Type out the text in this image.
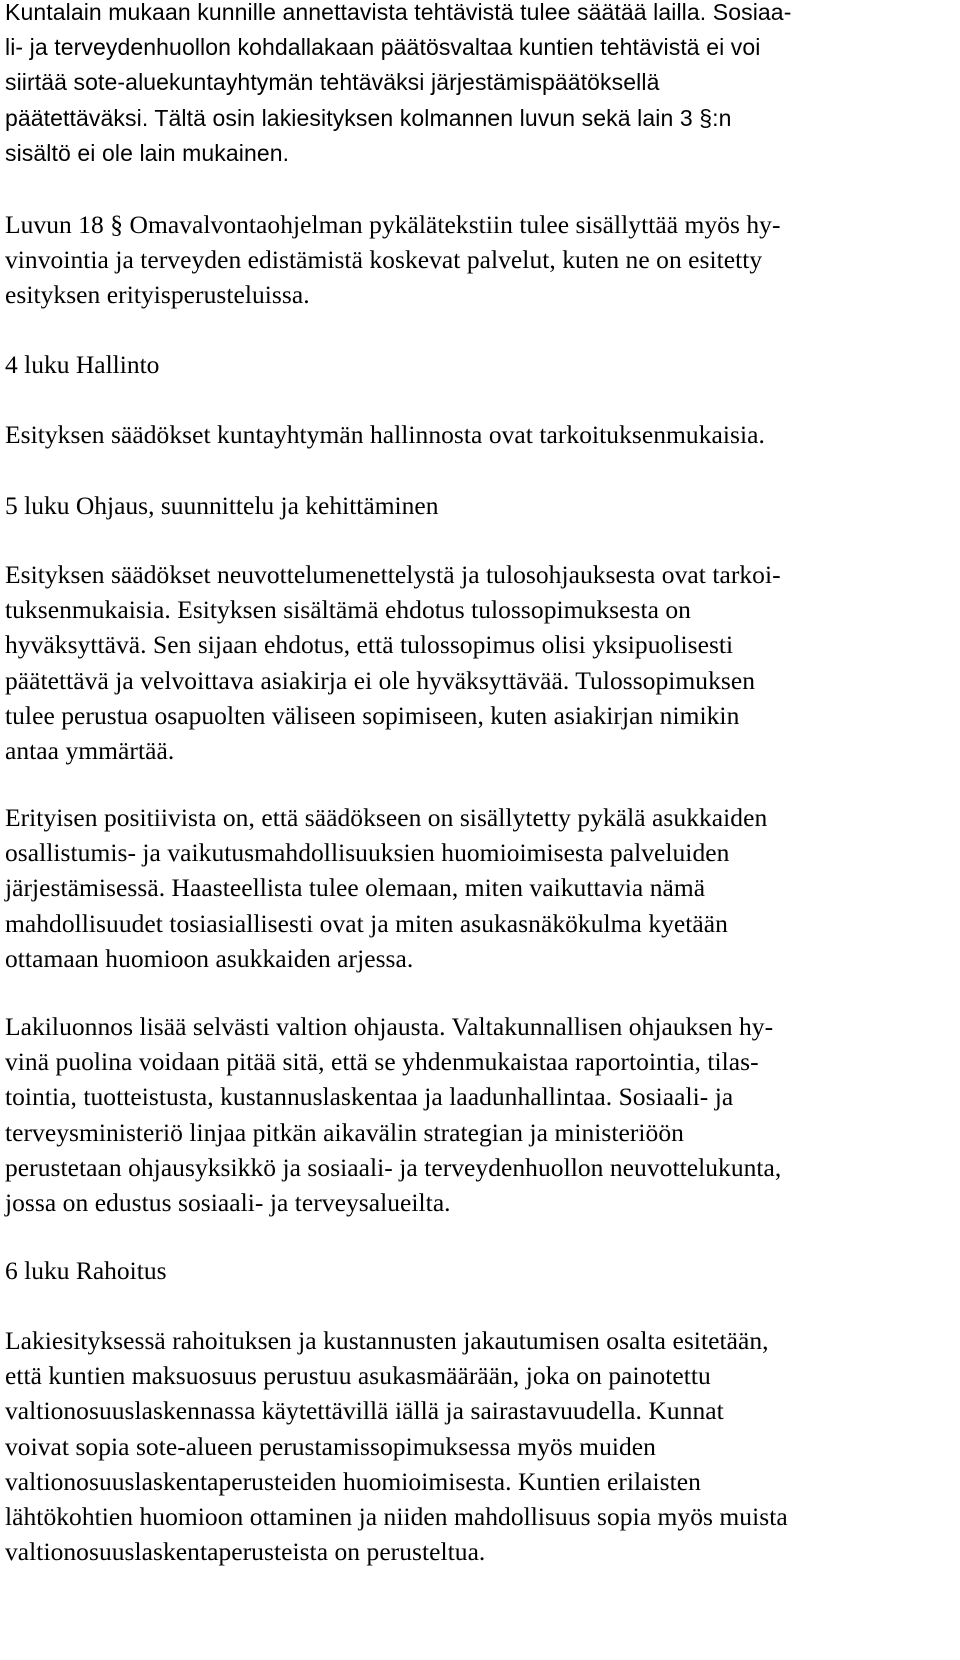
Kuntalain mukaan kunnille annettavista tehtävistä tulee säätää lailla. Sosiaa-
li- ja terveydenhuollon kohdallakaan päätösvaltaa kuntien tehtävistä ei voi
siirtää sote-aluekuntayhtymän tehtäväksi järjestämispäätöksellä
päätettäväksi. Tältä osin lakiesityksen kolmannen luvun sekä lain 3 §:n
sisältö ei ole lain mukainen.
Luvun 18 § Omavalvontaohjelman pykälätekstiin tulee sisällyttää myös hy-
vinvointia ja terveyden edistämistä koskevat palvelut, kuten ne on esitetty
esityksen erityisperusteluissa.
4 luku Hallinto
Esityksen säädökset kuntayhtymän hallinnosta ovat tarkoituksenmukaisia.
5 luku Ohjaus, suunnittelu ja kehittäminen
Esityksen säädökset neuvottelumenettelystä ja tulosohjauksesta ovat tarkoi-
tuksenmukaisia. Esityksen sisältämä ehdotus tulossopimuksesta on
hyväksyttävä. Sen sijaan ehdotus, että tulossopimus olisi yksipuolisesti
päätettävä ja velvoittava asiakirja ei ole hyväksyttävää. Tulossopimuksen
tulee perustua osapuolten väliseen sopimiseen, kuten asiakirjan nimikin
antaa ymmärtää.
Erityisen positiivista on, että säädökseen on sisällytetty pykälä asukkaiden
osallistumis- ja vaikutusmahdollisuuksien huomioimisesta palveluiden
järjestämisessä. Haasteellista tulee olemaan, miten vaikuttavia nämä
mahdollisuudet tosiasiallisesti ovat ja miten asukasnäkökulma kyetään
ottamaan huomioon asukkaiden arjessa.
Lakiluonnos lisää selvästi valtion ohjausta. Valtakunnallisen ohjauksen hy-
vinä puolina voidaan pitää sitä, että se yhdenmukaistaa raportointia, tilas-
tointia, tuotteistusta, kustannuslaskentaa ja laadunhallintaa. Sosiaali- ja
terveysministeriö linjaa pitkän aikavälin strategian ja ministeriöön
perustetaan ohjausyksikkö ja sosiaali- ja terveydenhuollon neuvottelukunta,
jossa on edustus sosiaali- ja terveysalueilta.
6 luku Rahoitus
Lakiesityksessä rahoituksen ja kustannusten jakautumisen osalta esitetään,
että kuntien maksuosuus perustuu asukasmäärään, joka on painotettu
valtionosuuslaskennassa käytettävillä iällä ja sairastavuudella. Kunnat
voivat sopia sote-alueen perustamissopimuksessa myös muiden
valtionosuuslaskentaperusteiden huomioimisesta. Kuntien erilaisten
lähtökohtien huomioon ottaminen ja niiden mahdollisuus sopia myös muista
valtionosuuslaskentaperusteista on perusteltua.
